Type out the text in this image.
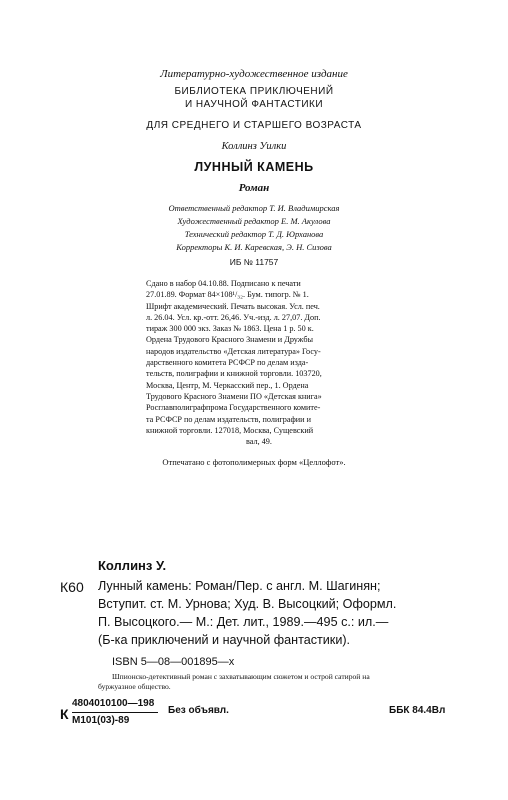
Литературно-художественное издание
БИБЛИОТЕКА ПРИКЛЮЧЕНИЙ
И НАУЧНОЙ ФАНТАСТИКИ
ДЛЯ СРЕДНЕГО И СТАРШЕГО ВОЗРАСТА
Коллинз Уилки
ЛУННЫЙ КАМЕНЬ
Роман
Ответственный редактор Т. И. Владимирская
Художественный редактор Е. М. Акулова
Технический редактор Т. Д. Юрханова
Корректоры К. И. Каревская, Э. Н. Сизова
ИБ № 11757
Сдано в набор 04.10.88. Подписано к печати
27.01.89. Формат 84×108¹/₃₂. Бум. типогр. № 1.
Шрифт академический. Печать высокая. Усл. печ.
л. 26.04. Усл. кр.-отт. 26,46. Уч.-изд. л. 27,07. Доп.
тираж 300 000 экз. Заказ № 1863. Цена 1 р. 50 к.
Ордена Трудового Красного Знамени и Дружбы
народов издательство «Детская литература» Госу-
дарственного комитета РСФСР по делам изда-
тельств, полиграфии и книжной торговли. 103720,
Москва, Центр, М. Черкасский пер., 1. Ордена
Трудового Красного Знамени ПО «Детская книга»
Росглавполиграфпрома Государственного комите-
та РСФСР по делам издательств, полиграфии и
книжной торговли. 127018, Москва, Сущевский
вал, 49.
Отпечатано с фотополимерных форм «Целлофот».
Коллинз У.
К60 Лунный камень: Роман/Пер. с англ. М. Шагинян;
Вступит. ст. М. Урнова; Худ. В. Высоцкий; Оформл.
П. Высоцкого.— М.: Дет. лит., 1989.—495 с.: ил.—
(Б-ка приключений и научной фантастики).
ISBN 5—08—001895—х
Шпионско-детективный роман с захватывающим сюжетом и острой сатирой на
буржуазное общество.
К
4804010100—198
М101(03)-89
Без объявл.	ББК 84.4Вл
